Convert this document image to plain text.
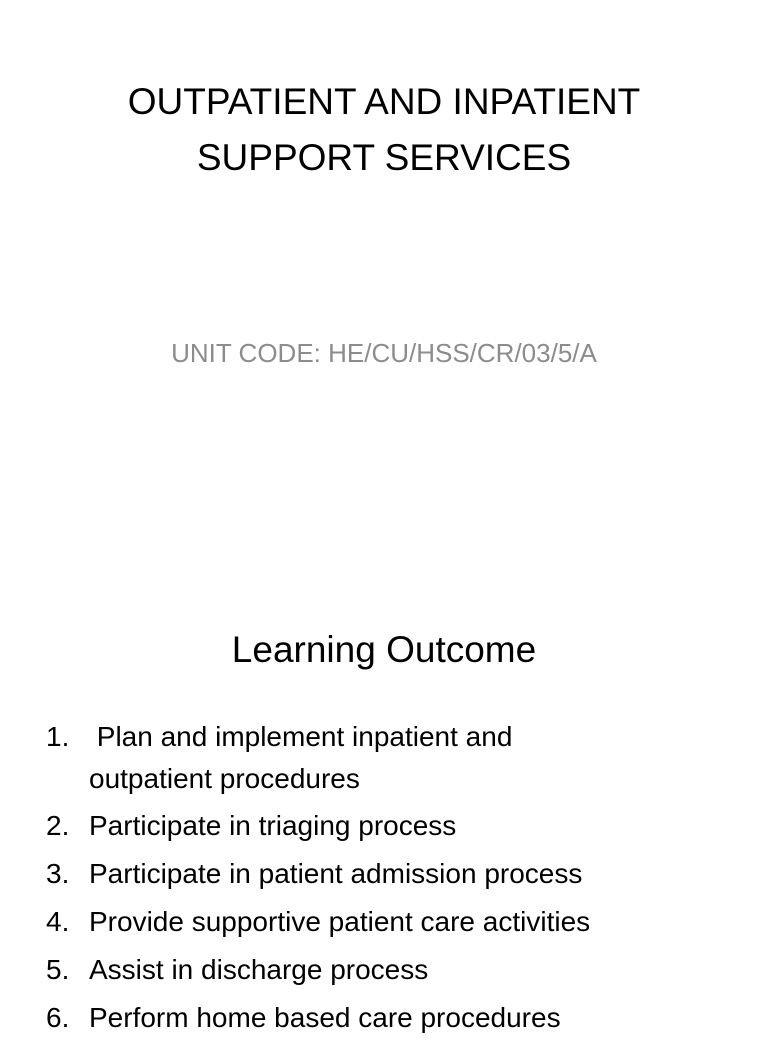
OUTPATIENT AND INPATIENT
SUPPORT SERVICES
UNIT CODE: HE/CU/HSS/CR/03/5/A
Learning Outcome
1. Plan and implement inpatient and
outpatient procedures
2. Participate in triaging process
3. Participate in patient admission process
4. Provide supportive patient care activities
5. Assist in discharge process
6. Perform home based care procedures
